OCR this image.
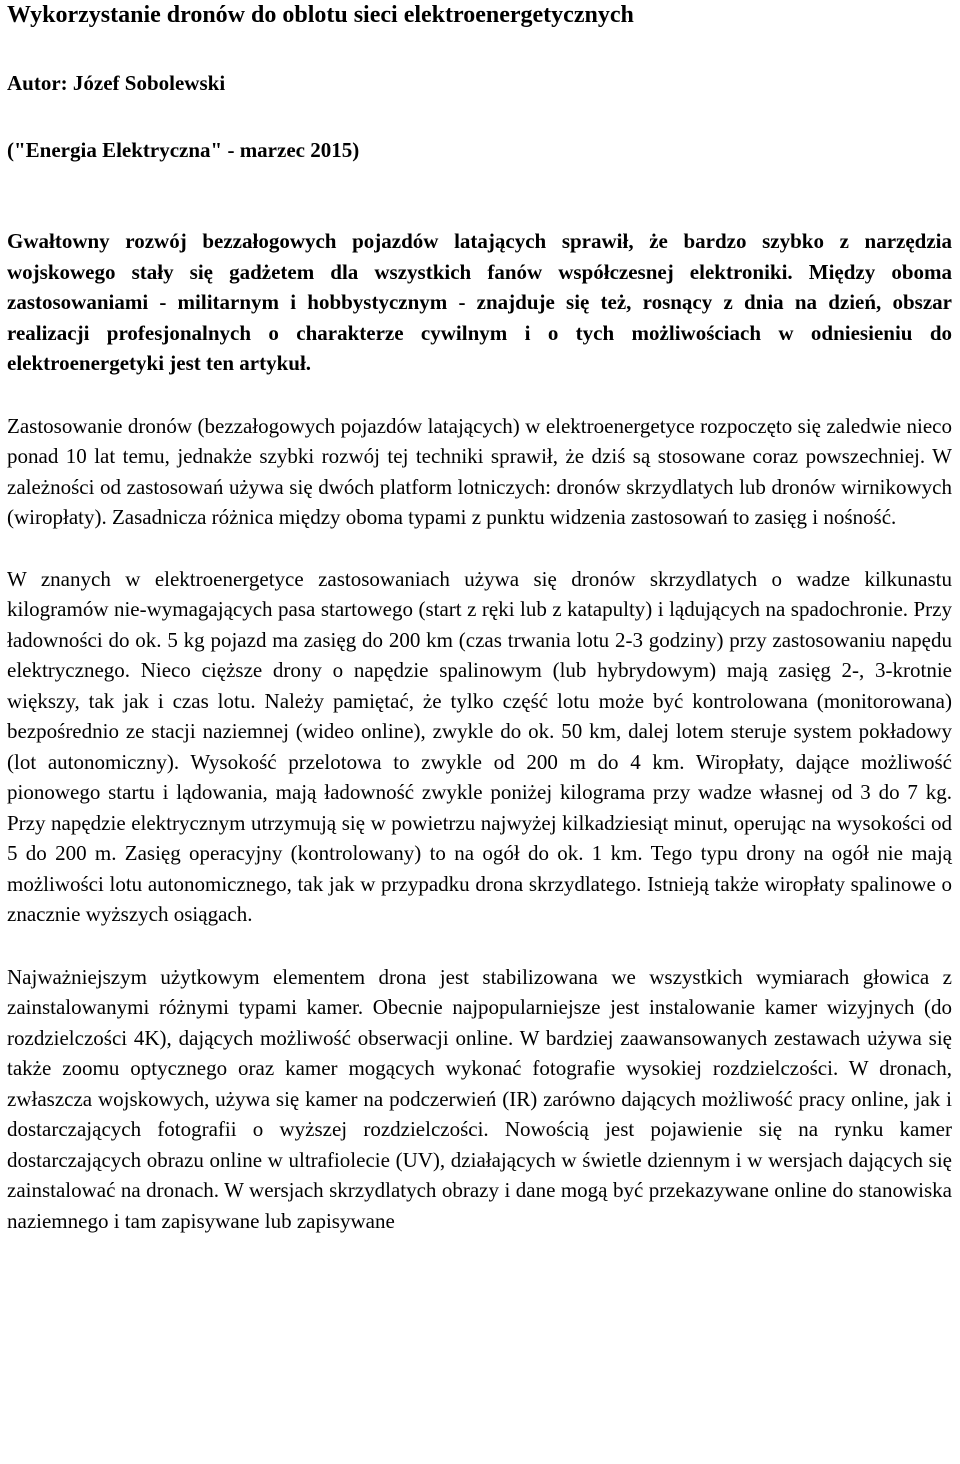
Wykorzystanie dronów do oblotu sieci elektroenergetycznych

Autor: Józef Sobolewski

("Energia Elektryczna" - marzec 2015)

Gwałtowny rozwój bezzałogowych pojazdów latających sprawił, że bardzo szybko z narzędzia wojskowego stały się gadżetem dla wszystkich fanów współczesnej elektroniki. Między oboma zastosowaniami - militarnym i hobbystycznym - znajduje się też, rosnący z dnia na dzień, obszar realizacji profesjonalnych o charakterze cywilnym i o tych możliwościach w odniesieniu do elektroenergetyki jest ten artykuł.

Zastosowanie dronów (bezzałogowych pojazdów latających) w elektroenergetyce rozpoczęto się zaledwie nieco ponad 10 lat temu, jednakże szybki rozwój tej techniki sprawił, że dziś są stosowane coraz powszechniej. W zależności od zastosowań używa się dwóch platform lotniczych: dronów skrzydlatych lub dronów wirnikowych (wiropłaty). Zasadnicza różnica między oboma typami z punktu widzenia zastosowań to zasięg i nośność.

W znanych w elektroenergetyce zastosowaniach używa się dronów skrzydlatych o wadze kilkunastu kilogramów nie-wymagających pasa startowego (start z ręki lub z katapulty) i lądujących na spadochronie. Przy ładowności do ok. 5 kg pojazd ma zasięg do 200 km (czas trwania lotu 2-3 godziny) przy zastosowaniu napędu elektrycznego. Nieco cięższe drony o napędzie spalinowym (lub hybrydowym) mają zasięg 2-, 3-krotnie większy, tak jak i czas lotu. Należy pamiętać, że tylko część lotu może być kontrolowana (monitorowana) bezpośrednio ze stacji naziemnej (wideo online), zwykle do ok. 50 km, dalej lotem steruje system pokładowy (lot autonomiczny). Wysokość przelotowa to zwykle od 200 m do 4 km. Wiropłaty, dające możliwość pionowego startu i lądowania, mają ładowność zwykle poniżej kilograma przy wadze własnej od 3 do 7 kg. Przy napędzie elektrycznym utrzymują się w powietrzu najwyżej kilkadziesiąt minut, operując na wysokości od 5 do 200 m. Zasięg operacyjny (kontrolowany) to na ogół do ok. 1 km. Tego typu drony na ogół nie mają możliwości lotu autonomicznego, tak jak w przypadku drona skrzydlatego. Istnieją także wiropłaty spalinowe o znacznie wyższych osiągach.

Najważniejszym użytkowym elementem drona jest stabilizowana we wszystkich wymiarach głowica z zainstalowanymi różnymi typami kamer. Obecnie najpopularniejsze jest instalowanie kamer wizyjnych (do rozdzielczości 4K), dających możliwość obserwacji online. W bardziej zaawansowanych zestawach używa się także zoomu optycznego oraz kamer mogących wykonać fotografie wysokiej rozdzielczości. W dronach, zwłaszcza wojskowych, używa się kamer na podczerwień (IR) zarówno dających możliwość pracy online, jak i dostarczających fotografii o wyższej rozdzielczości. Nowością jest pojawienie się na rynku kamer dostarczających obrazu online w ultrafiolecie (UV), działających w świetle dziennym i w wersjach dających się zainstalować na dronach. W wersjach skrzydlatych obrazy i dane mogą być przekazywane online do stanowiska naziemnego i tam zapisywane lub zapisywane
